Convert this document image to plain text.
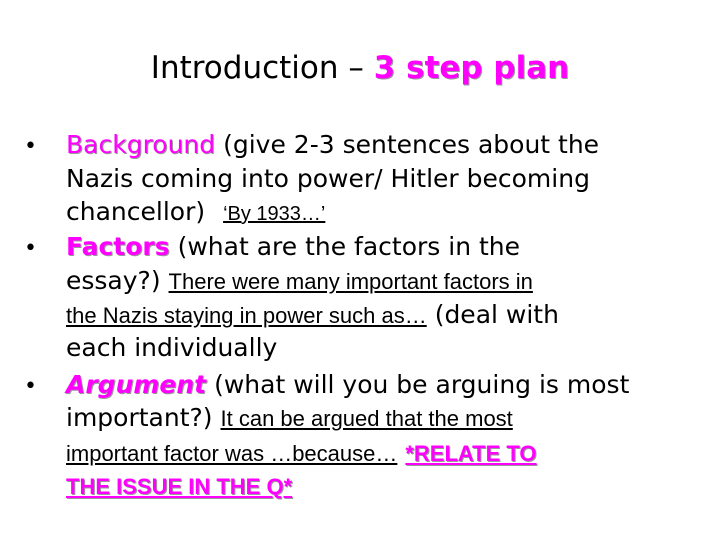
Introduction – 3 step plan
• Background (give 2-3 sentences about the
Nazis coming into power/ Hitler becoming
chancellor) ‘By 1933…’
• Factors (what are the factors in the
essay?) There were many important factors in
the Nazis staying in power such as… (deal with
each individually
• Argument (what will you be arguing is most
important?) It can be argued that the most
important factor was …because… *RELATE TO
THE ISSUE IN THE Q*
